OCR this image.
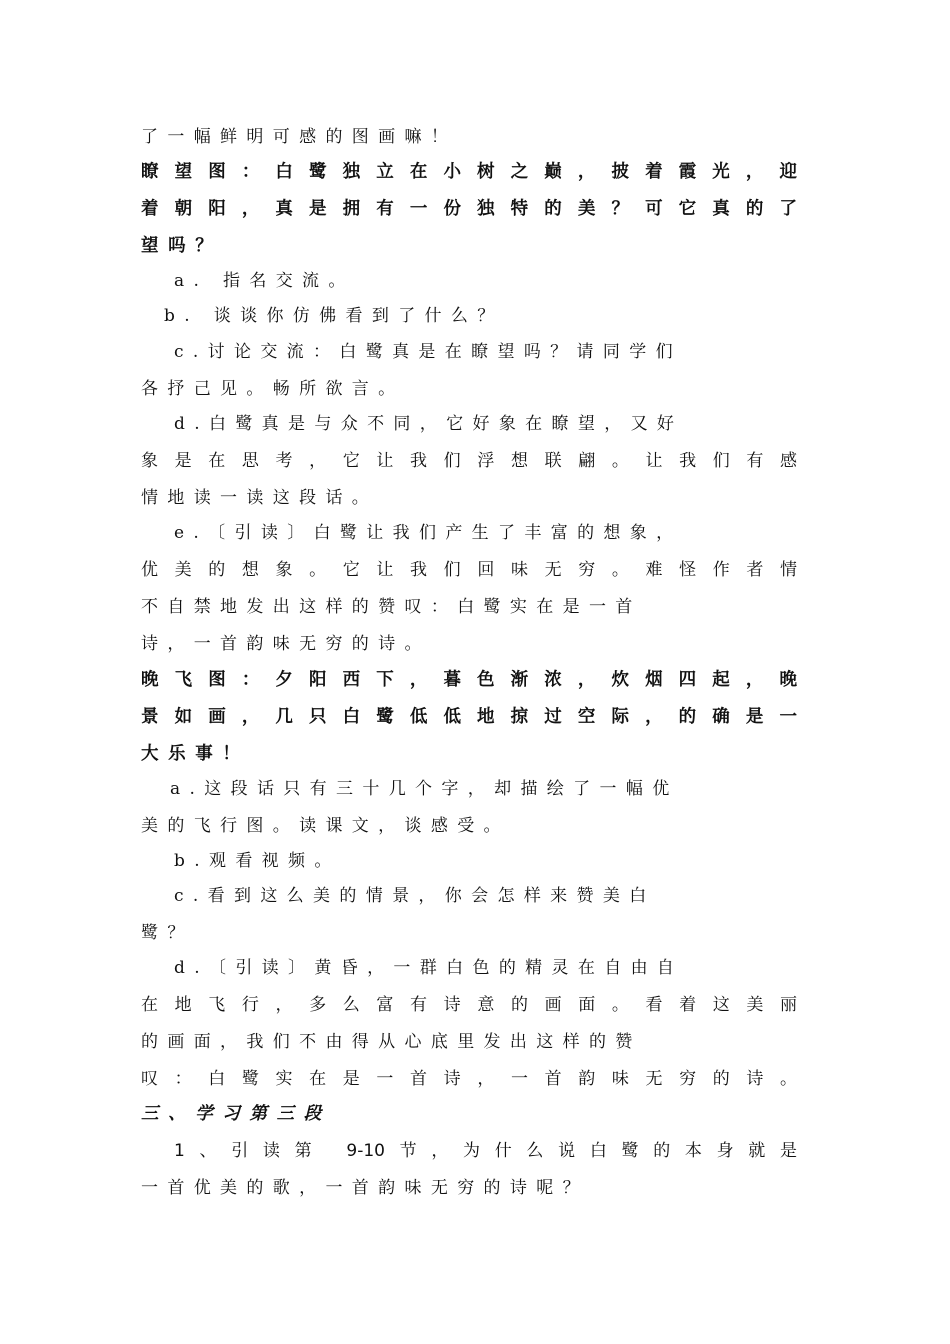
了一幅鲜明可感的图画嘛！
瞭望图：白鹭独立在小树之巅，披着霞光，迎
着朝阳，真是拥有一份独特的美？可它真的了
望吗？
a. 指名交流。
b. 谈谈你仿佛看到了什么？
c.讨论交流：白鹭真是在瞭望吗？请同学们
各抒己见。畅所欲言。
d.白鹭真是与众不同，它好象在瞭望，又好
象是在思考，它让我们浮想联翩。让我们有感
情地读一读这段话。
e.〔引读〕白鹭让我们产生了丰富的想象，
优美的想象。它让我们回味无穷。难怪作者情
不自禁地发出这样的赞叹：白鹭实在是一首
诗，一首韵味无穷的诗。
晚飞图：夕阳西下，暮色渐浓，炊烟四起，晚
景如画，几只白鹭低低地掠过空际，的确是一
大乐事！
a.这段话只有三十几个字，却描绘了一幅优
美的飞行图。读课文，谈感受。
b.观看视频。
c.看到这么美的情景，你会怎样来赞美白
鹭？
d.〔引读〕黄昏，一群白色的精灵在自由自
在地飞行，多么富有诗意的画面。看着这美丽
的画面，我们不由得从心底里发出这样的赞
叹：白鹭实在是一首诗，一首韵味无穷的诗。
三、学习第三段
1、引读第 9-10节，为什么说白鹭的本身就是
一首优美的歌，一首韵味无穷的诗呢？
